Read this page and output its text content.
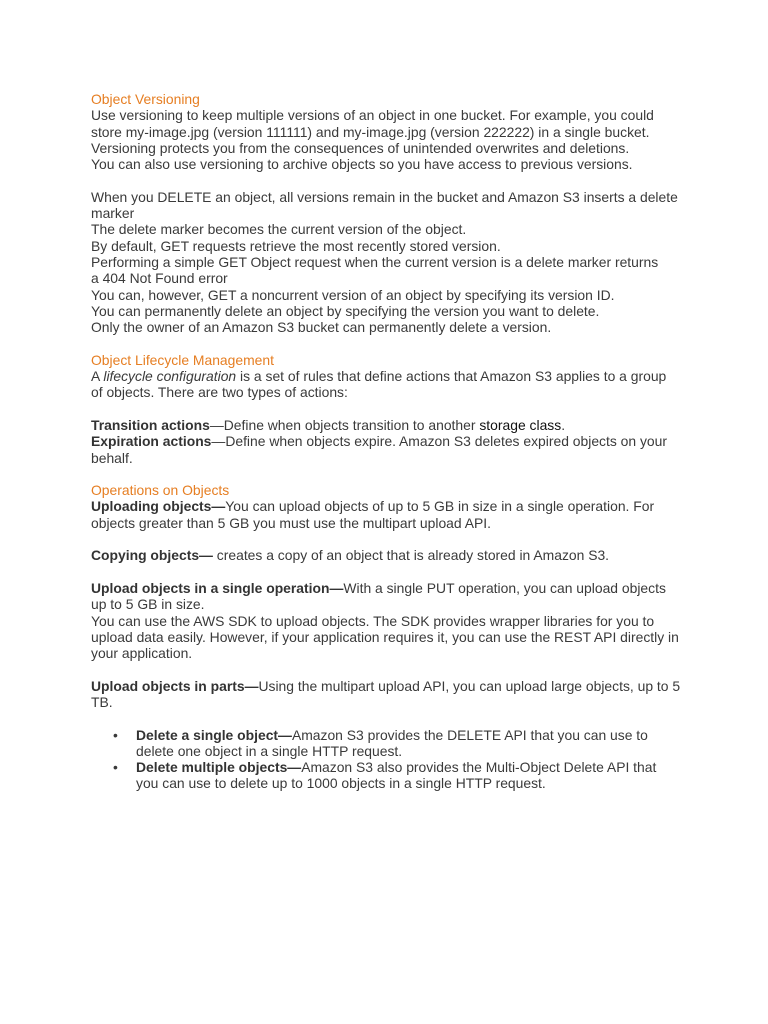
Object Versioning
Use versioning to keep multiple versions of an object in one bucket. For example, you could
store my-image.jpg (version 111111) and my-image.jpg (version 222222) in a single bucket.
Versioning protects you from the consequences of unintended overwrites and deletions.
You can also use versioning to archive objects so you have access to previous versions.
When you DELETE an object, all versions remain in the bucket and Amazon S3 inserts a delete
marker
The delete marker becomes the current version of the object.
By default, GET requests retrieve the most recently stored version.
Performing a simple GET Object request when the current version is a delete marker returns
a 404 Not Found error
You can, however, GET a noncurrent version of an object by specifying its version ID.
You can permanently delete an object by specifying the version you want to delete.
Only the owner of an Amazon S3 bucket can permanently delete a version.
Object Lifecycle Management
A lifecycle configuration is a set of rules that define actions that Amazon S3 applies to a group
of objects. There are two types of actions:
Transition actions—Define when objects transition to another storage class.
Expiration actions—Define when objects expire. Amazon S3 deletes expired objects on your
behalf.
Operations on Objects
Uploading objects—You can upload objects of up to 5 GB in size in a single operation. For
objects greater than 5 GB you must use the multipart upload API.
Copying objects— creates a copy of an object that is already stored in Amazon S3.
Upload objects in a single operation—With a single PUT operation, you can upload objects
up to 5 GB in size.
You can use the AWS SDK to upload objects. The SDK provides wrapper libraries for you to
upload data easily. However, if your application requires it, you can use the REST API directly in
your application.
Upload objects in parts—Using the multipart upload API, you can upload large objects, up to 5
TB.
• Delete a single object—Amazon S3 provides the DELETE API that you can use to
delete one object in a single HTTP request.
• Delete multiple objects—Amazon S3 also provides the Multi-Object Delete API that
you can use to delete up to 1000 objects in a single HTTP request.
